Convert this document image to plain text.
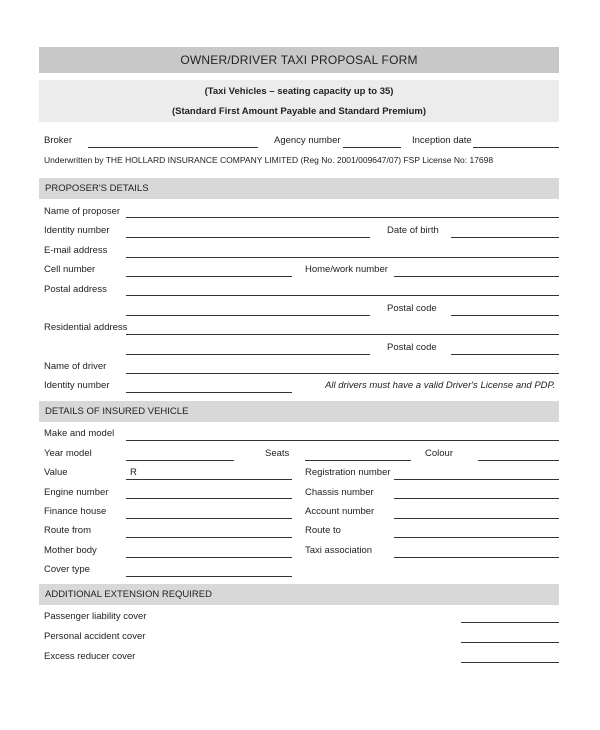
OWNER/DRIVER TAXI PROPOSAL FORM
(Taxi Vehicles – seating capacity up to 35)
(Standard First Amount Payable and Standard Premium)
Broker	Agency number	Inception date
Underwritten by THE HOLLARD INSURANCE COMPANY LIMITED (Reg No. 2001/009647/07) FSP License No: 17698
PROPOSER'S DETAILS
Name of proposer
Identity number	Date of birth
E-mail address
Cell number	Home/work number
Postal address
Postal code
Residential address
Postal code
Name of driver
Identity number	All drivers must have a valid Driver's License and PDP.
DETAILS OF INSURED VEHICLE
Make and model
Year model	Seats	Colour
Value	R	Registration number
Engine number	Chassis number
Finance house	Account number
Route from	Route to
Mother body	Taxi association
Cover type
ADDITIONAL EXTENSION REQUIRED
Passenger liability cover
Personal accident cover
Excess reducer cover
